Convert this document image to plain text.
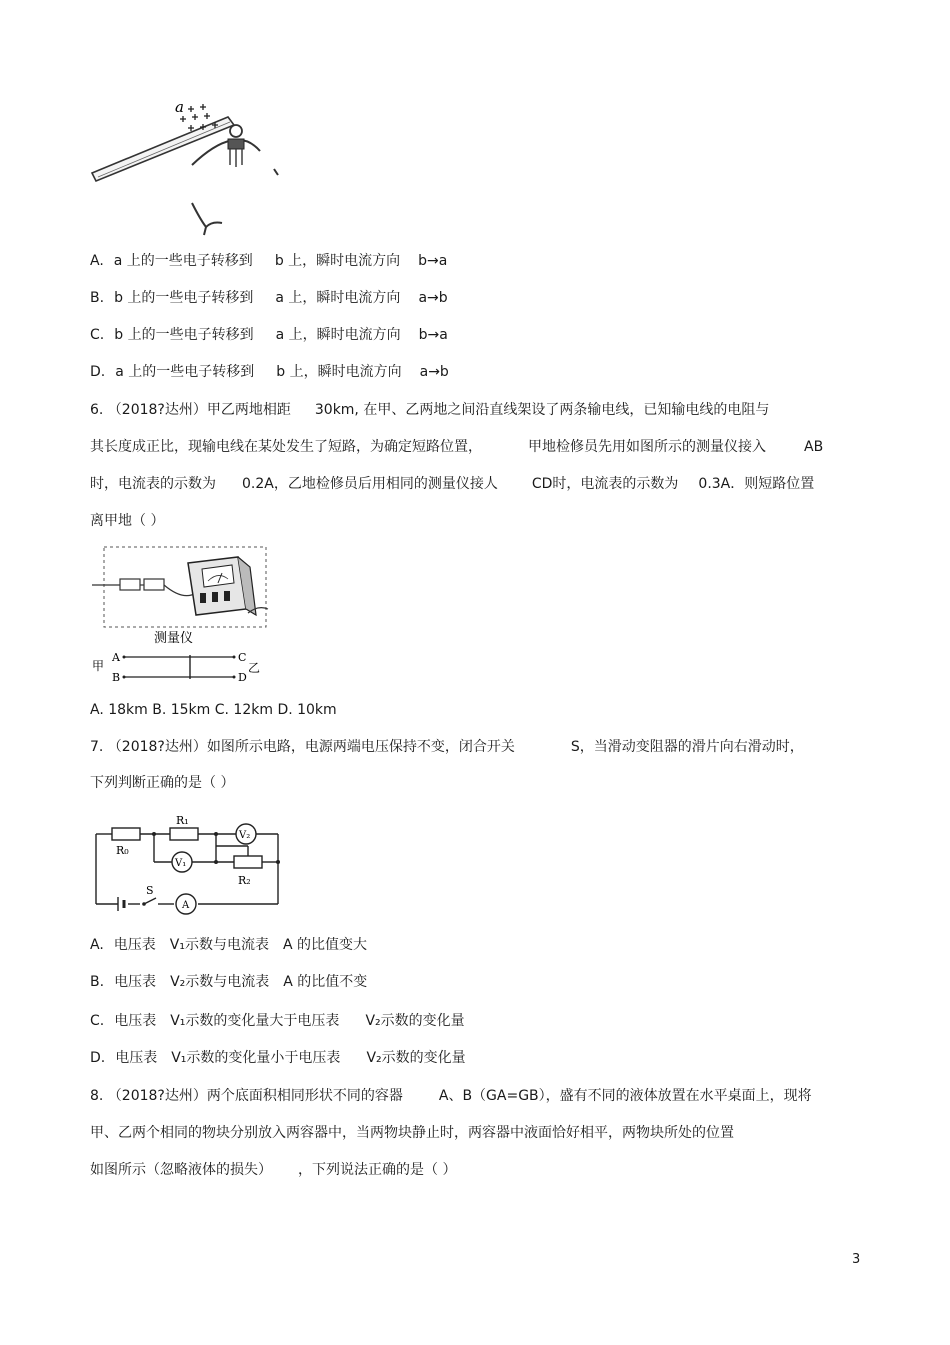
a
A. a 上的一些电子转移到 b 上，瞬时电流方向 b→a
B. b 上的一些电子转移到 a 上，瞬时电流方向 a→b
C. b 上的一些电子转移到 a 上，瞬时电流方向 b→a
D. a 上的一些电子转移到 b 上，瞬时电流方向 a→b
6. （2018?达州）甲乙两地相距 30km, 在甲、乙两地之间沿直线架设了两条输电线，已知输电线的电阻与
其长度成正比，现输电线在某处发生了短路，为确定短路位置，	甲地检修员先用如图所示的测量仪接入	AB
时，电流表的示数为 0.2A，乙地检修员后用相同的测量仪接人 CD时，电流表的示数为 0.3A．则短路位置
离甲地（ ）
测量仪
甲
A
B
C
D
乙
A. 18km B. 15km C. 12km D. 10km
7. （2018?达州）如图所示电路，电源两端电压保持不变，闭合开关	S，当滑动变阻器的滑片向右滑动时，
下列判断正确的是（ ）
R₀
R₁
R₂
V₁
V₂
A
S
A. 电压表 V₁示数与电流表 A 的比值变大
B. 电压表 V₂示数与电流表 A 的比值不变
C. 电压表 V₁示数的变化量大于电压表 V₂示数的变化量
D. 电压表 V₁示数的变化量小于电压表 V₂示数的变化量
8. （2018?达州）两个底面积相同形状不同的容器	A、B（GA=GB），盛有不同的液体放置在水平桌面上，现将
甲、乙两个相同的物块分别放入两容器中，当两物块静止时，两容器中液面恰好相平，两物块所处的位置
如图所示（忽略液体的损失） ，下列说法正确的是（ ）
3
